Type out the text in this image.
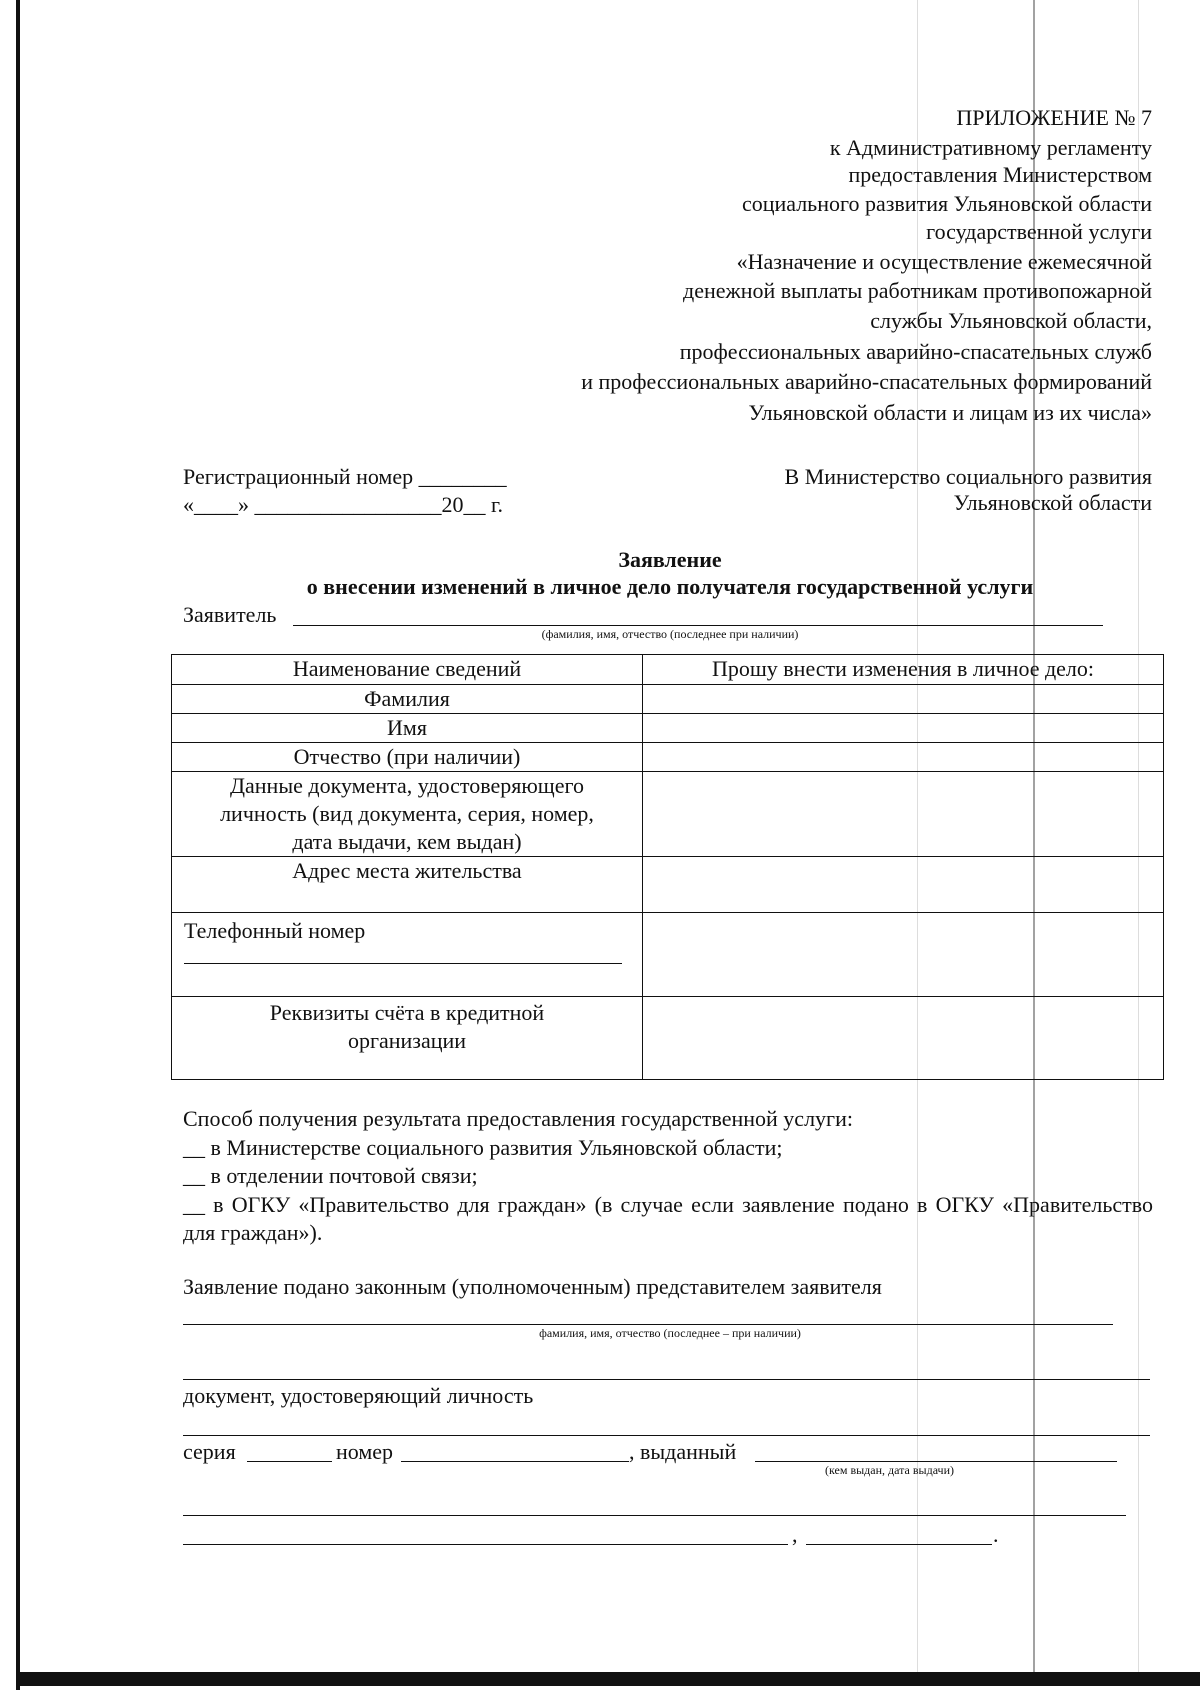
ПРИЛОЖЕНИЕ № 7
к Административному регламенту
предоставления Министерством
социального развития Ульяновской области
государственной услуги
«Назначение и осуществление ежемесячной
денежной выплаты работникам противопожарной
службы Ульяновской области,
профессиональных аварийно-спасательных служб
и профессиональных аварийно-спасательных формирований
Ульяновской области и лицам из их числа»
Регистрационный номер ________
«____» _________________20__ г.
В Министерство социального развития
Ульяновской области
Заявление
о внесении изменений в личное дело получателя государственной услуги
Заявитель
(фамилия, имя, отчество (последнее при наличии)
Наименование сведений	Прошу внести изменения в личное дело:
Фамилия	
Имя	
Отчество (при наличии)	

Данные документа, удостоверяющего
личность (вид документа, серия, номер,
дата выдачи, кем выдан)	

Адрес места жительства	

Телефонный номер	

Реквизиты счёта в кредитной
организации	

Способ получения результата предоставления государственной услуги:
__ в Министерстве социального развития Ульяновской области;
__ в отделении почтовой связи;
__ в ОГКУ «Правительство для граждан» (в случае если заявление подано в ОГКУ «Правительство для граждан»).
Заявление подано законным (уполномоченным) представителем заявителя
фамилия, имя, отчество (последнее – при наличии)
документ, удостоверяющий личность
серия	номер	, выданный
(кем выдан, дата выдачи)
,	.
